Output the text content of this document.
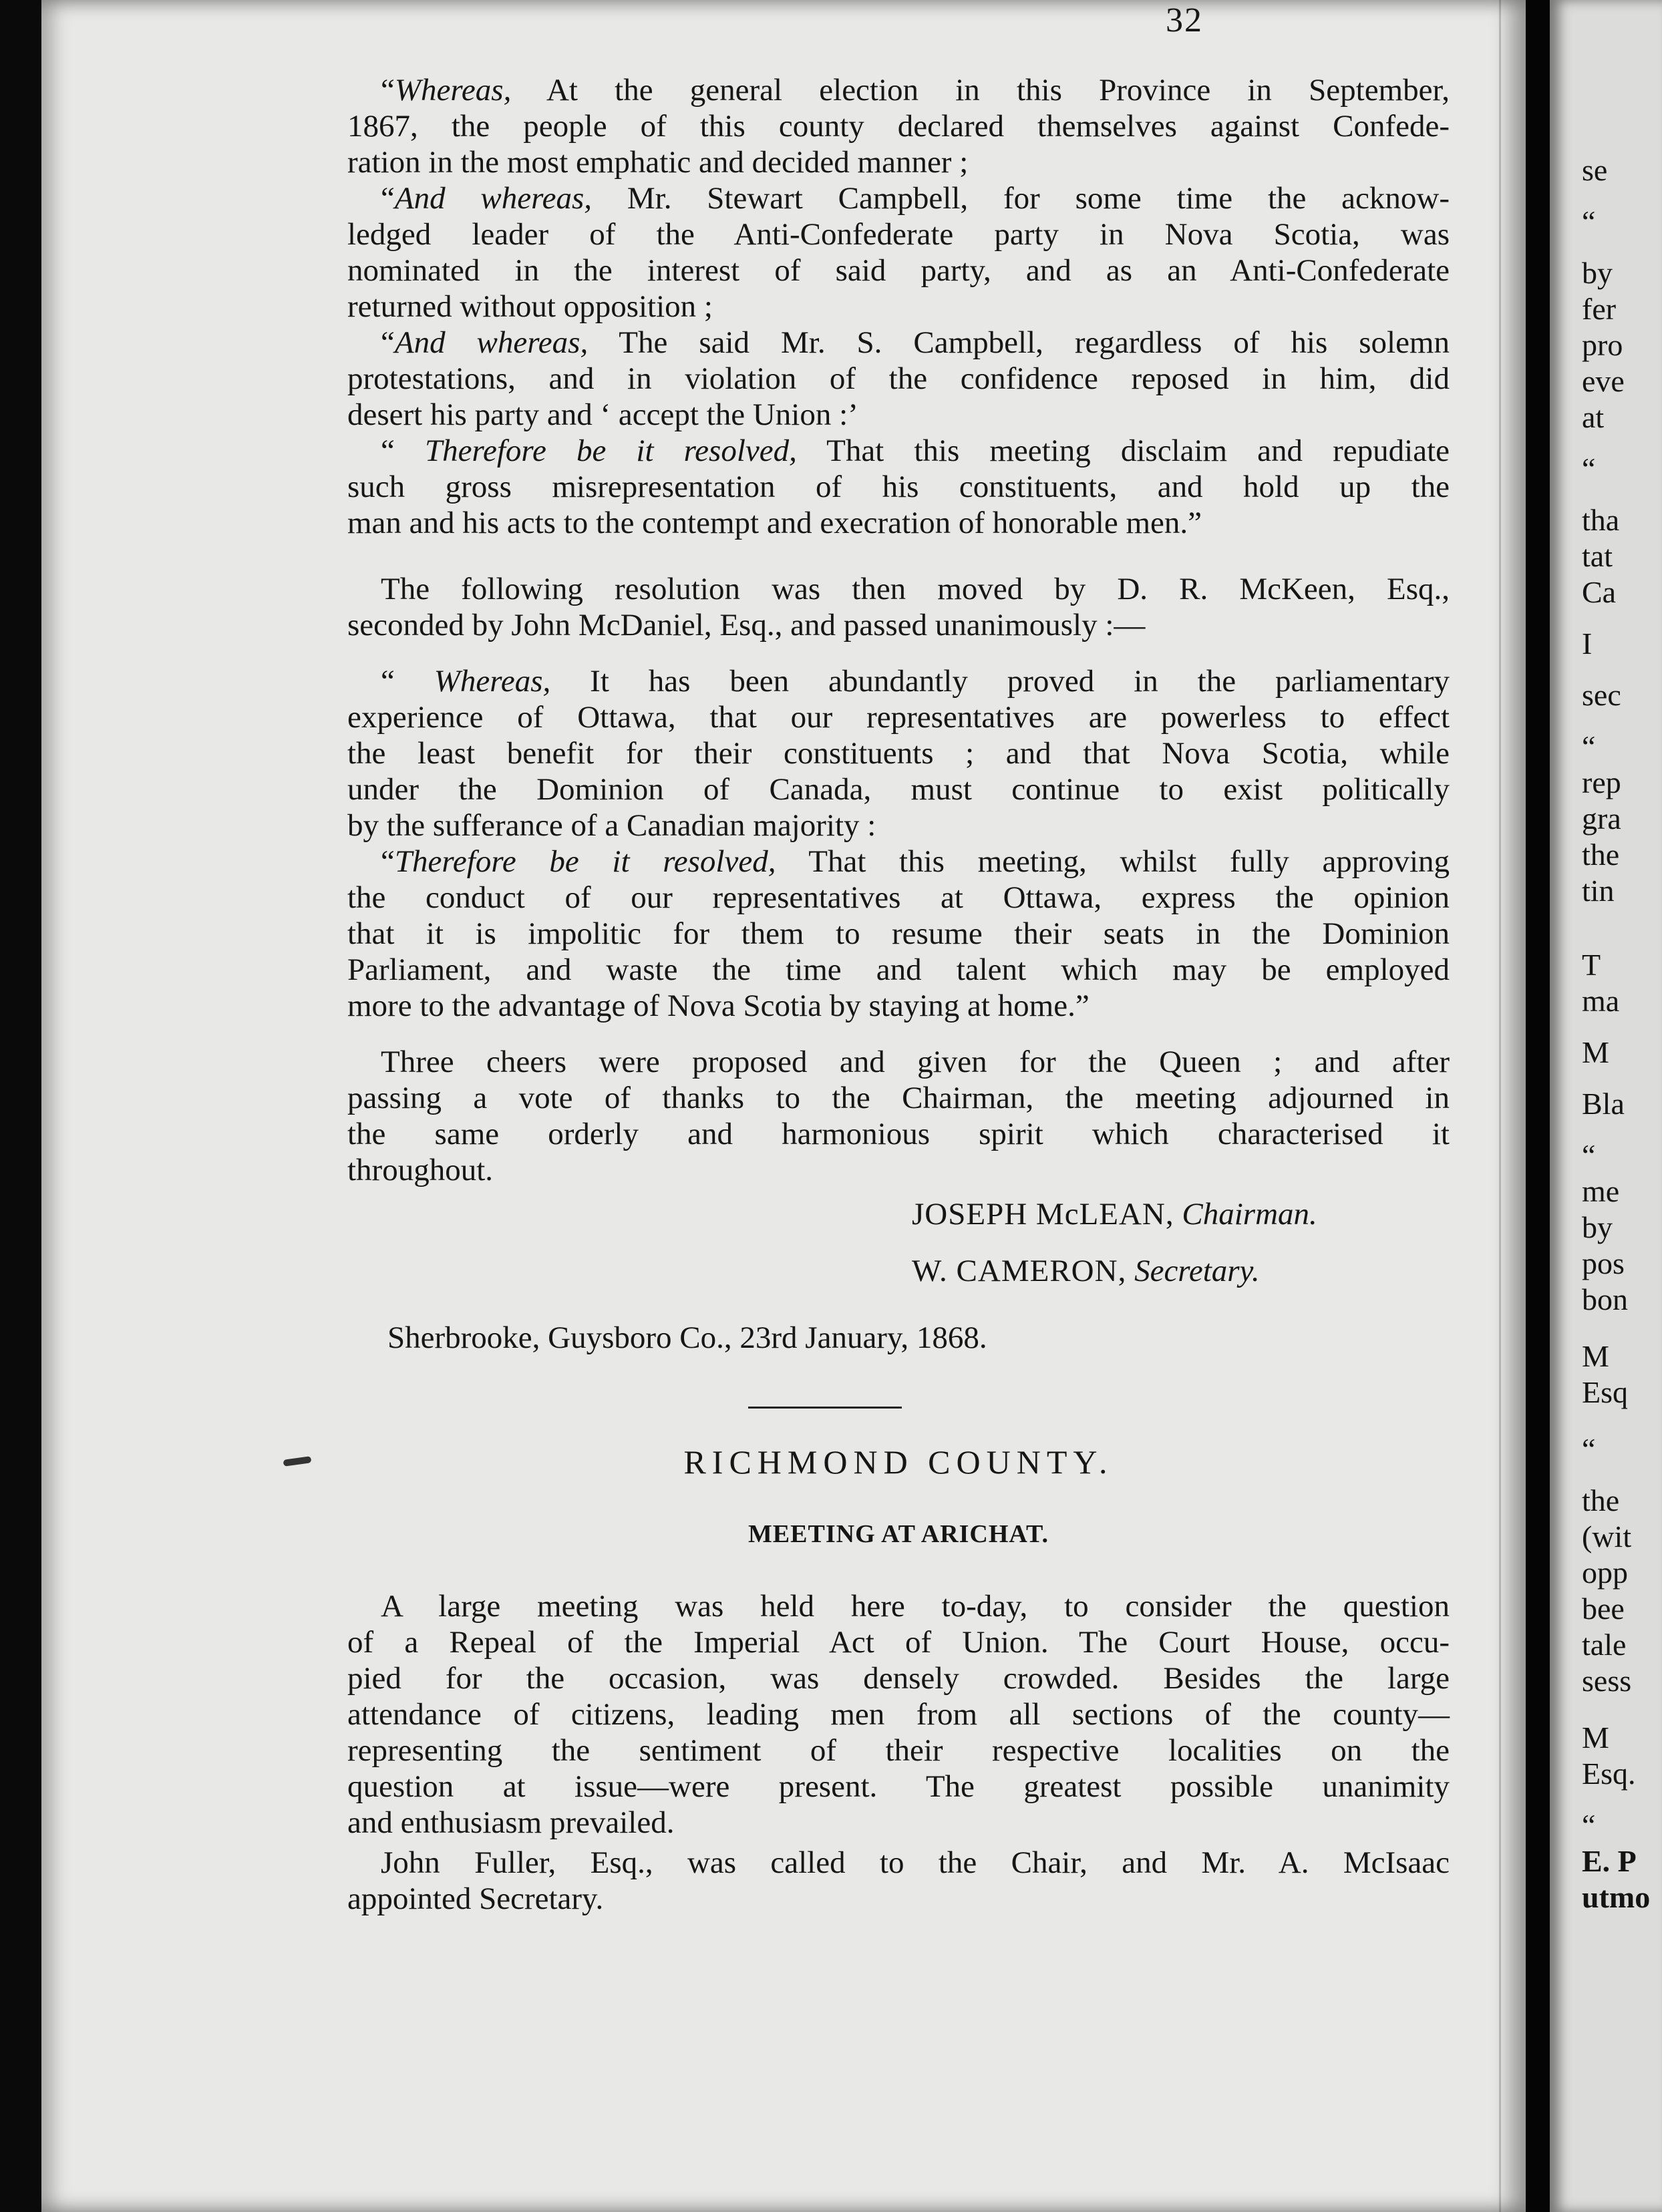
32
“Whereas, At the general election in this Province in September,
1867, the people of this county declared themselves against Confede-
ration in the most emphatic and decided manner ;
“And whereas, Mr. Stewart Campbell, for some time the acknow-
ledged leader of the Anti-Confederate party in Nova Scotia, was
nominated in the interest of said party, and as an Anti-Confederate
returned without opposition ;
“And whereas, The said Mr. S. Campbell, regardless of his solemn
protestations, and in violation of the confidence reposed in him, did
desert his party and ‘ accept the Union :’
“ Therefore be it resolved, That this meeting disclaim and repudiate
such gross misrepresentation of his constituents, and hold up the
man and his acts to the contempt and execration of honorable men.”
The following resolution was then moved by D. R. McKeen, Esq.,
seconded by John McDaniel, Esq., and passed unanimously :—
“ Whereas, It has been abundantly proved in the parliamentary
experience of Ottawa, that our representatives are powerless to effect
the least benefit for their constituents ; and that Nova Scotia, while
under the Dominion of Canada, must continue to exist politically
by the sufferance of a Canadian majority :
“Therefore be it resolved, That this meeting, whilst fully approving
the conduct of our representatives at Ottawa, express the opinion
that it is impolitic for them to resume their seats in the Dominion
Parliament, and waste the time and talent which may be employed
more to the advantage of Nova Scotia by staying at home.”
Three cheers were proposed and given for the Queen ; and after
passing a vote of thanks to the Chairman, the meeting adjourned in
the same orderly and harmonious spirit which characterised it
throughout.
JOSEPH McLEAN, Chairman.
W. CAMERON, Secretary.
Sherbrooke, Guysboro Co., 23rd January, 1868.
RICHMOND COUNTY.
MEETING AT ARICHAT.
A large meeting was held here to-day, to consider the question
of a Repeal of the Imperial Act of Union. The Court House, occu-
pied for the occasion, was densely crowded. Besides the large
attendance of citizens, leading men from all sections of the county—
representing the sentiment of their respective localities on the
question at issue—were present. The greatest possible unanimity
and enthusiasm prevailed.
John Fuller, Esq., was called to the Chair, and Mr. A. McIsaac
appointed Secretary.
se
“
by
fer
pro
eve
at
“
tha
tat
Ca
I
sec
“
rep
gra
the
tin
T
ma
M
Bla
“
me
by
pos
bon
M
Esq
“
the
(wit
opp
bee
tale
sess
M
Esq.
“
E. P
utmo
